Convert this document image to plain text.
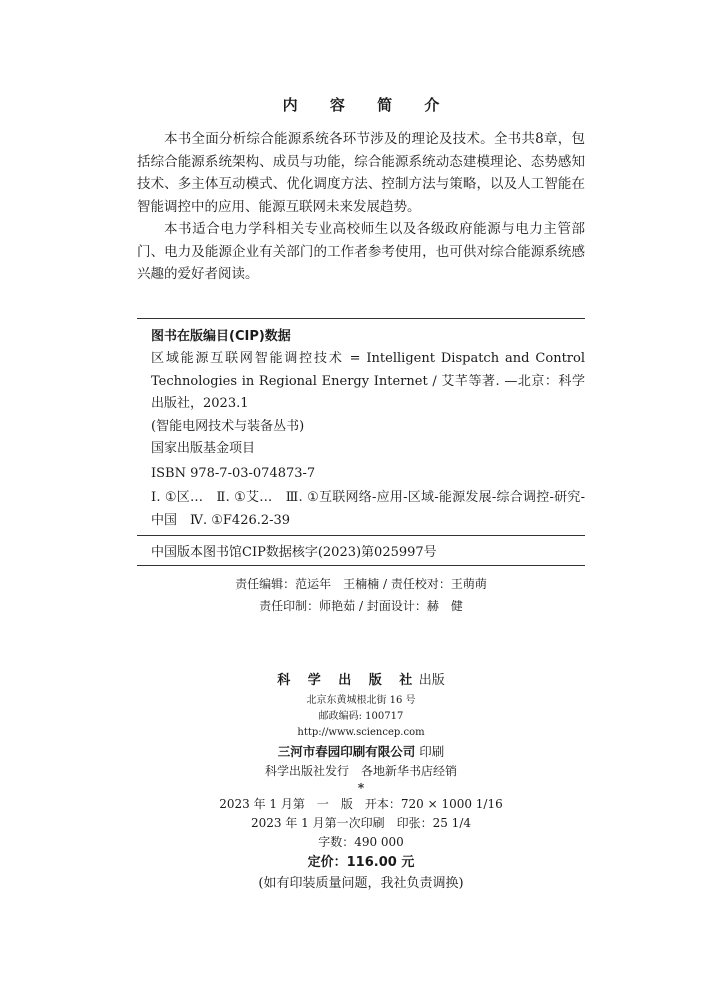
内 容 简 介

本书全面分析综合能源系统各环节涉及的理论及技术。全书共8章，包括综合能源系统架构、成员与功能，综合能源系统动态建模理论、态势感知技术、多主体互动模式、优化调度方法、控制方法与策略，以及人工智能在智能调控中的应用、能源互联网未来发展趋势。

本书适合电力学科相关专业高校师生以及各级政府能源与电力主管部门、电力及能源企业有关部门的工作者参考使用，也可供对综合能源系统感兴趣的爱好者阅读。

图书在版编目(CIP)数据

区域能源互联网智能调控技术 = Intelligent Dispatch and Control Technologies in Regional Energy Internet / 艾芊等著. —北京：科学出版社，2023.1

(智能电网技术与装备丛书)

国家出版基金项目

ISBN 978-7-03-074873-7

Ⅰ. ①区…　Ⅱ. ①艾…　Ⅲ. ①互联网络-应用-区域-能源发展-综合调控-研究-中国　Ⅳ. ①F426.2-39

中国版本图书馆CIP数据核字(2023)第025997号

责任编辑：范运年　王楠楠 / 责任校对：王萌萌

责任印制：师艳茹 / 封面设计：赫　健

科 学 出 版 社出版

北京东黄城根北街 16 号

邮政编码: 100717

http://www.sciencep.com

三河市春园印刷有限公司 印刷

科学出版社发行　各地新华书店经销

*

2023 年 1 月第　一　版　开本：720 × 1000 1/16

2023 年 1 月第一次印刷　印张：25 1/4

字数：490 000

定价：116.00 元

(如有印装质量问题，我社负责调换)
